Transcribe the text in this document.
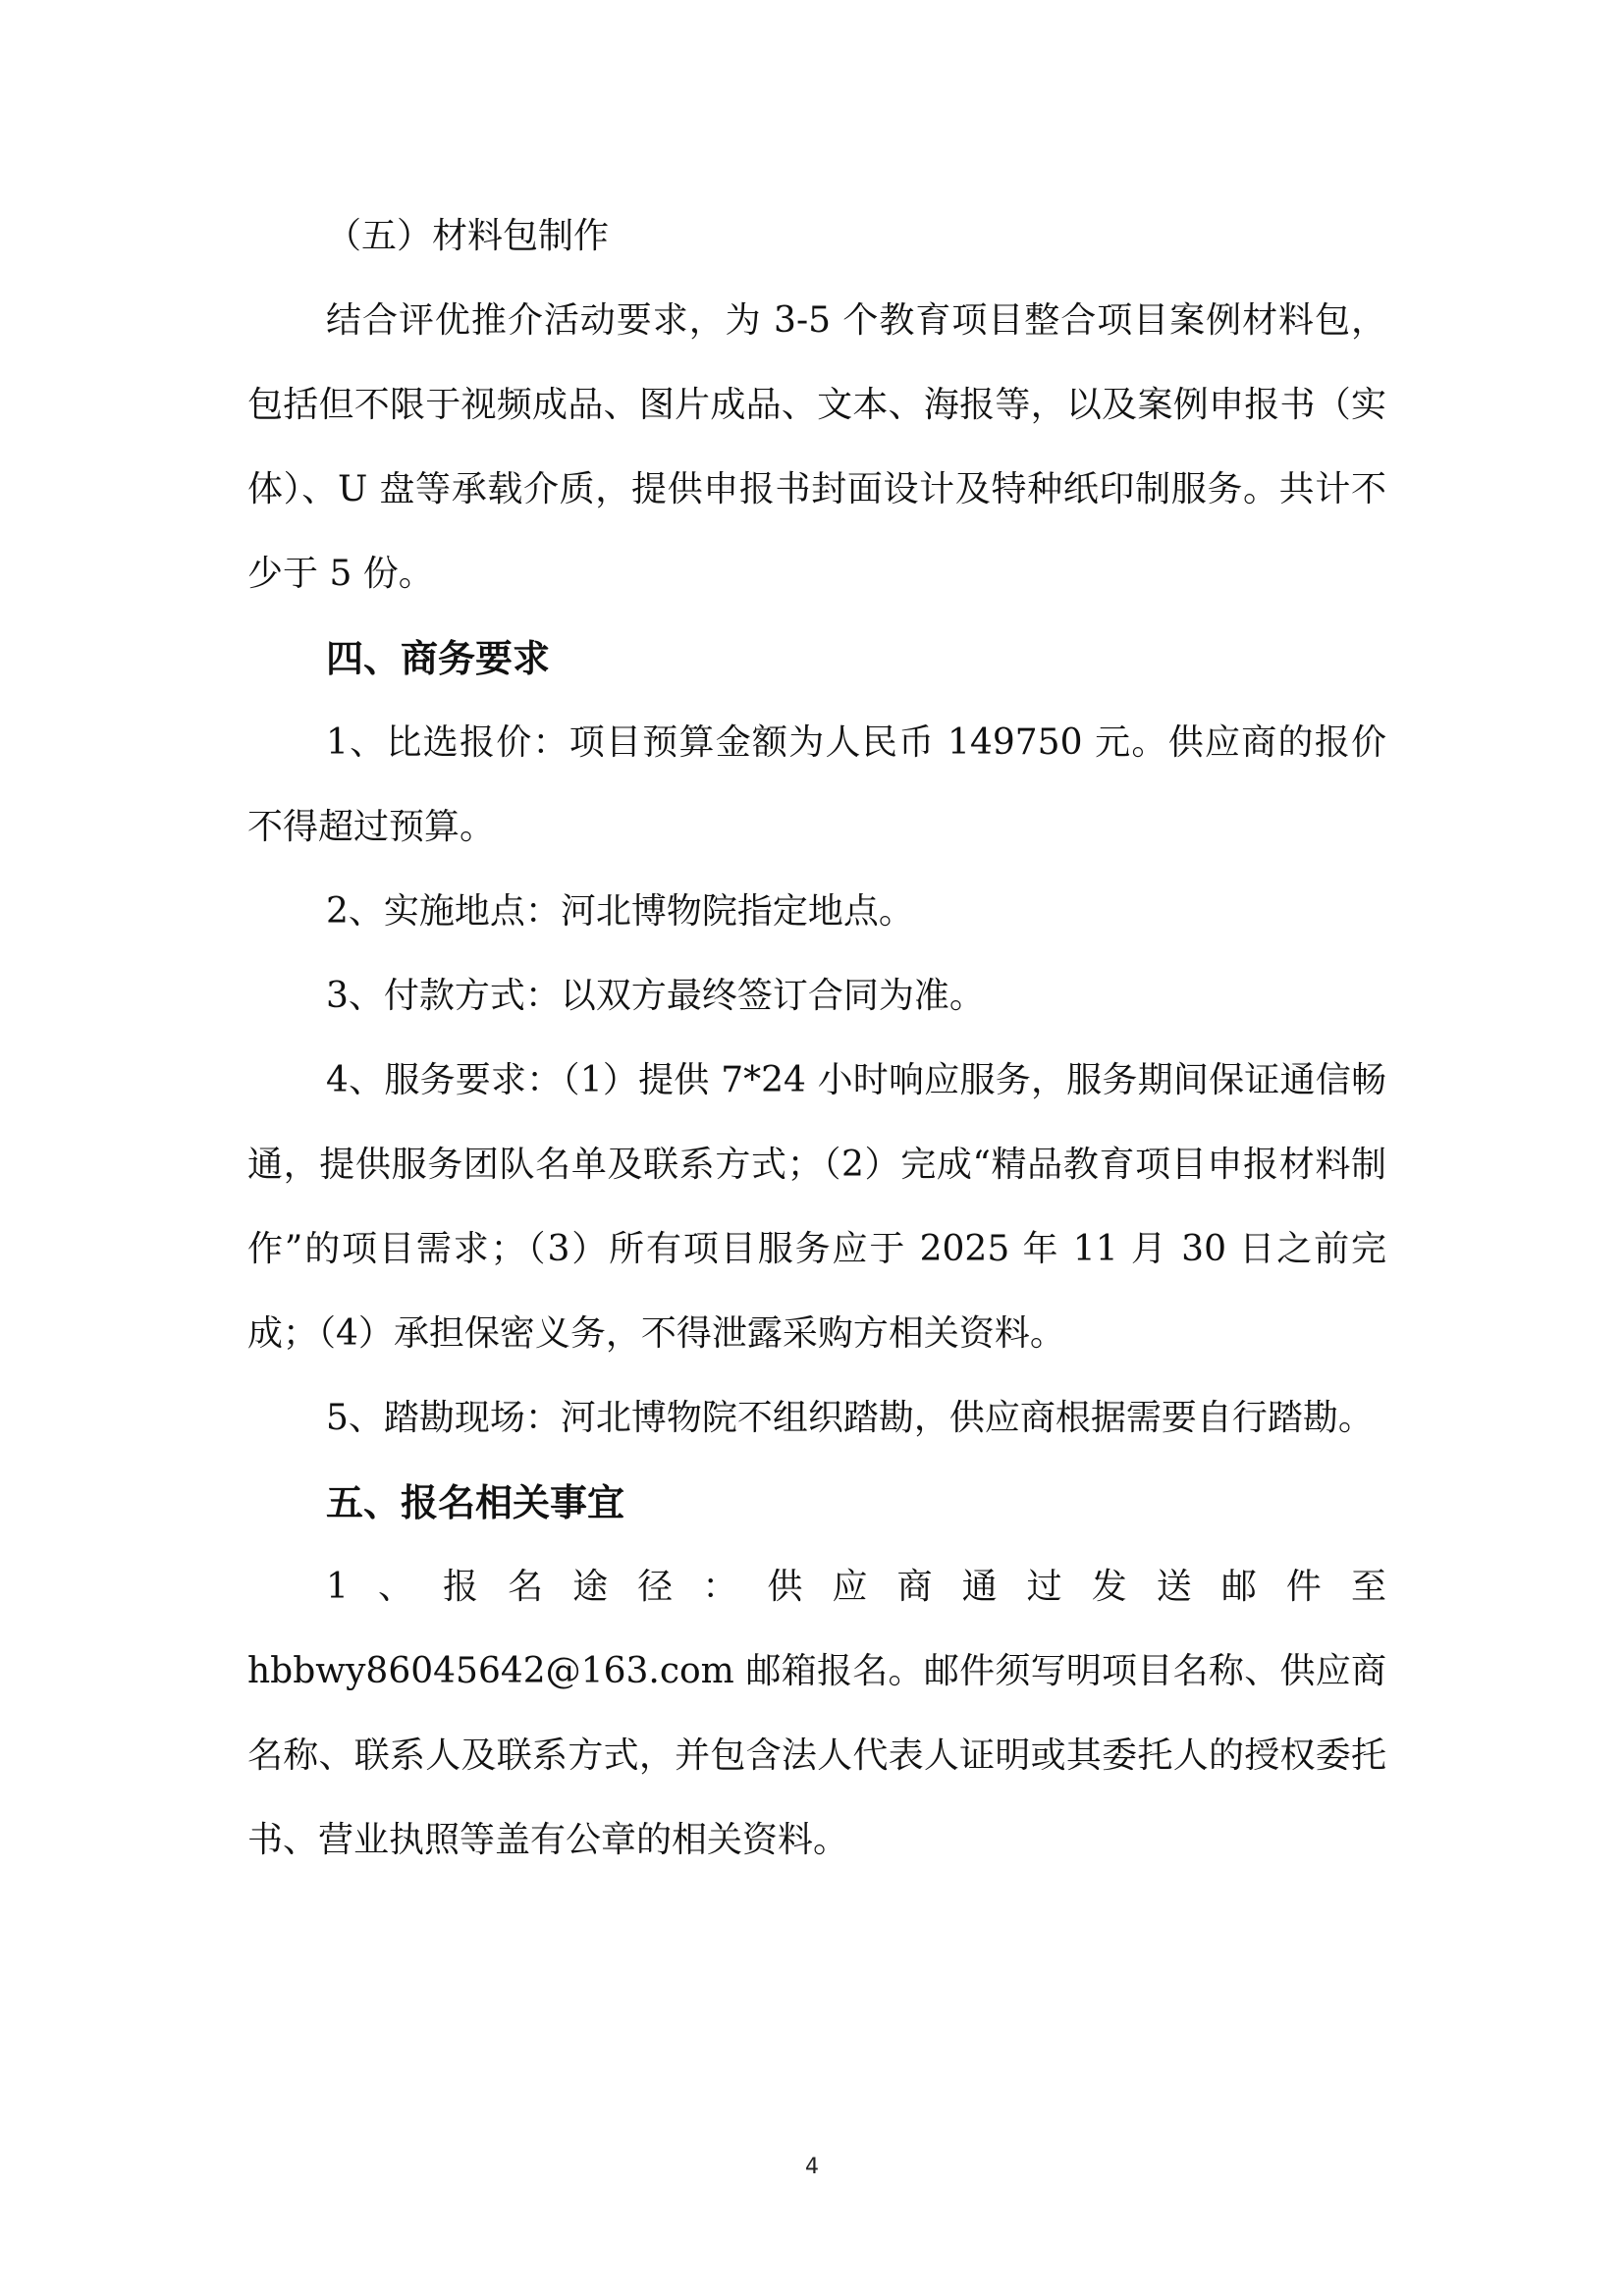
（五）材料包制作

结合评优推介活动要求，为 3-5 个教育项目整合项目案例材料包，包括但不限于视频成品、图片成品、文本、海报等，以及案例申报书（实体）、U 盘等承载介质，提供申报书封面设计及特种纸印制服务。共计不少于 5 份。

四、商务要求

1、比选报价：项目预算金额为人民币 149750 元。供应商的报价不得超过预算。

2、实施地点：河北博物院指定地点。

3、付款方式：以双方最终签订合同为准。

4、服务要求：（1）提供 7*24 小时响应服务，服务期间保证通信畅通，提供服务团队名单及联系方式；（2）完成“精品教育项目申报材料制作”的项目需求；（3）所有项目服务应于 2025 年 11 月 30 日之前完成；（4）承担保密义务，不得泄露采购方相关资料。

5、踏勘现场：河北博物院不组织踏勘，供应商根据需要自行踏勘。

五、报名相关事宜

1、报名途径：供应商通过发送邮件至 hbbwy86045642@163.com 邮箱报名。邮件须写明项目名称、供应商名称、联系人及联系方式，并包含法人代表人证明或其委托人的授权委托书、营业执照等盖有公章的相关资料。

4
